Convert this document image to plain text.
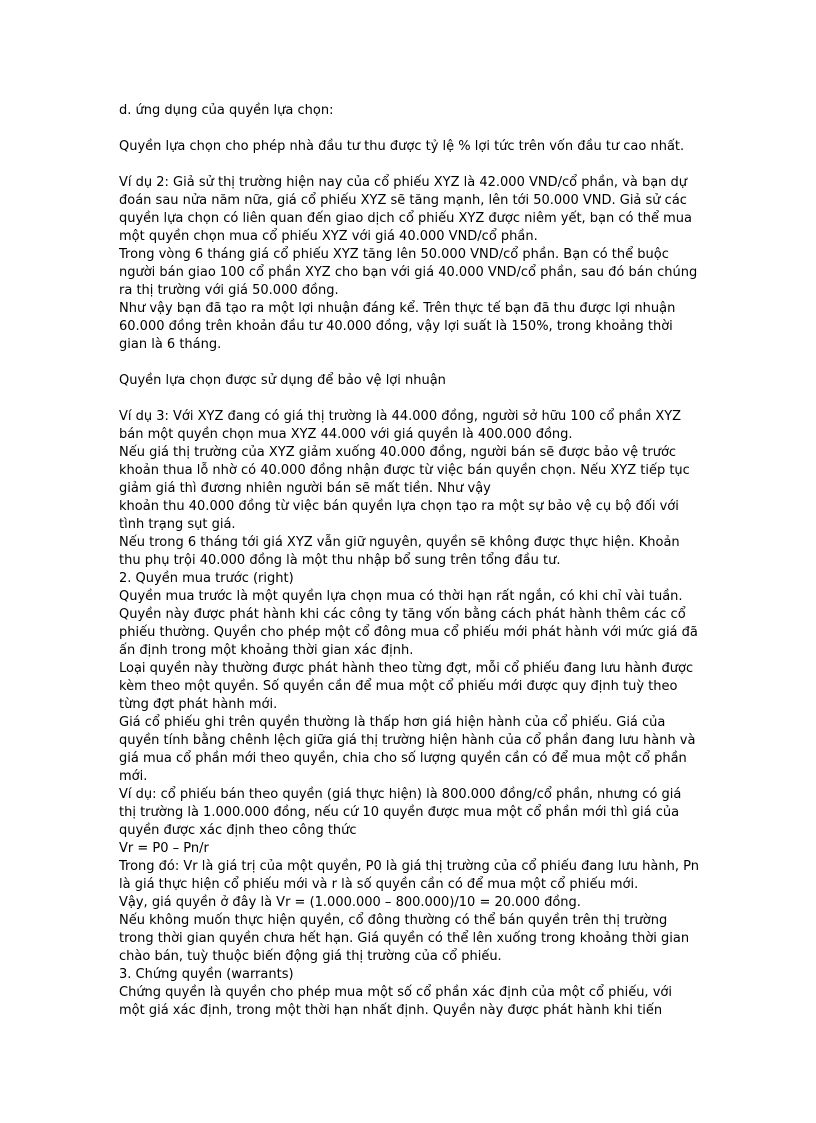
d. ứng dụng của quyền lựa chọn:

Quyền lựa chọn cho phép nhà đầu tư thu được tỷ lệ % lợi tức trên vốn đầu tư cao nhất.

Ví dụ 2: Giả sử thị trường hiện nay của cổ phiếu XYZ là 42.000 VND/cổ phần, và bạn dự đoán sau nửa năm nữa, giá cổ phiếu XYZ sẽ tăng mạnh, lên tới 50.000 VND. Giả sử các quyền lựa chọn có liên quan đến giao dịch cổ phiếu XYZ được niêm yết, bạn có thể mua một quyền chọn mua cổ phiếu XYZ với giá 40.000 VND/cổ phần.

Trong vòng 6 tháng giá cổ phiếu XYZ tăng lên 50.000 VND/cổ phần. Bạn có thể buộc người bán giao 100 cổ phần XYZ cho bạn với giá 40.000 VND/cổ phần, sau đó bán chúng ra thị trường với giá 50.000 đồng.

Như vậy bạn đã tạo ra một lợi nhuận đáng kể. Trên thực tế bạn đã thu được lợi nhuận 60.000 đồng trên khoản đầu tư 40.000 đồng, vậy lợi suất là 150%, trong khoảng thời gian là 6 tháng.

Quyền lựa chọn được sử dụng để bảo vệ lợi nhuận

Ví dụ 3: Với XYZ đang có giá thị trường là 44.000 đồng, người sở hữu 100 cổ phần XYZ bán một quyền chọn mua XYZ 44.000 với giá quyền là 400.000 đồng.

Nếu giá thị trường của XYZ giảm xuống 40.000 đồng, người bán sẽ được bảo vệ trước khoản thua lỗ nhờ có 40.000 đồng nhận được từ việc bán quyền chọn. Nếu XYZ tiếp tục giảm giá thì đương nhiên người bán sẽ mất tiền. Như vậy

khoản thu 40.000 đồng từ việc bán quyền lựa chọn tạo ra một sự bảo vệ cụ bộ đối với tình trạng sụt giá.

Nếu trong 6 tháng tới giá XYZ vẫn giữ nguyên, quyền sẽ không được thực hiện. Khoản thu phụ trội 40.000 đồng là một thu nhập bổ sung trên tổng đầu tư.

2. Quyền mua trước (right)

Quyền mua trước là một quyền lựa chọn mua có thời hạn rất ngắn, có khi chỉ vài tuần. Quyền này được phát hành khi các công ty tăng vốn bằng cách phát hành thêm các cổ phiếu thường. Quyền cho phép một cổ đông mua cổ phiếu mới phát hành với mức giá đã ấn định trong một khoảng thời gian xác định.

Loại quyền này thường được phát hành theo từng đợt, mỗi cổ phiếu đang lưu hành được kèm theo một quyền. Số quyền cần để mua một cổ phiếu mới được quy định tuỳ theo từng đợt phát hành mới.

Giá cổ phiếu ghi trên quyền thường là thấp hơn giá hiện hành của cổ phiếu. Giá của quyền tính bằng chênh lệch giữa giá thị trường hiện hành của cổ phần đang lưu hành và giá mua cổ phần mới theo quyền, chia cho số lượng quyền cần có để mua một cổ phần mới.

Ví dụ: cổ phiếu bán theo quyền (giá thực hiện) là 800.000 đồng/cổ phần, nhưng có giá thị trường là 1.000.000 đồng, nếu cứ 10 quyền được mua một cổ phần mới thì giá của quyền được xác định theo công thức

Vr = P0 – Pn/r

Trong đó: Vr là giá trị của một quyền, P0 là giá thị trường của cổ phiếu đang lưu hành, Pn là giá thực hiện cổ phiếu mới và r là số quyền cần có để mua một cổ phiếu mới.

Vậy, giá quyền ở đây là Vr = (1.000.000 – 800.000)/10 = 20.000 đồng.

Nếu không muốn thực hiện quyền, cổ đông thường có thể bán quyền trên thị trường trong thời gian quyền chưa hết hạn. Giá quyền có thể lên xuống trong khoảng thời gian chào bán, tuỳ thuộc biến động giá thị trường của cổ phiếu.

3. Chứng quyền (warrants)

Chứng quyền là quyền cho phép mua một số cổ phần xác định của một cổ phiếu, với một giá xác định, trong một thời hạn nhất định. Quyền này được phát hành khi tiến
